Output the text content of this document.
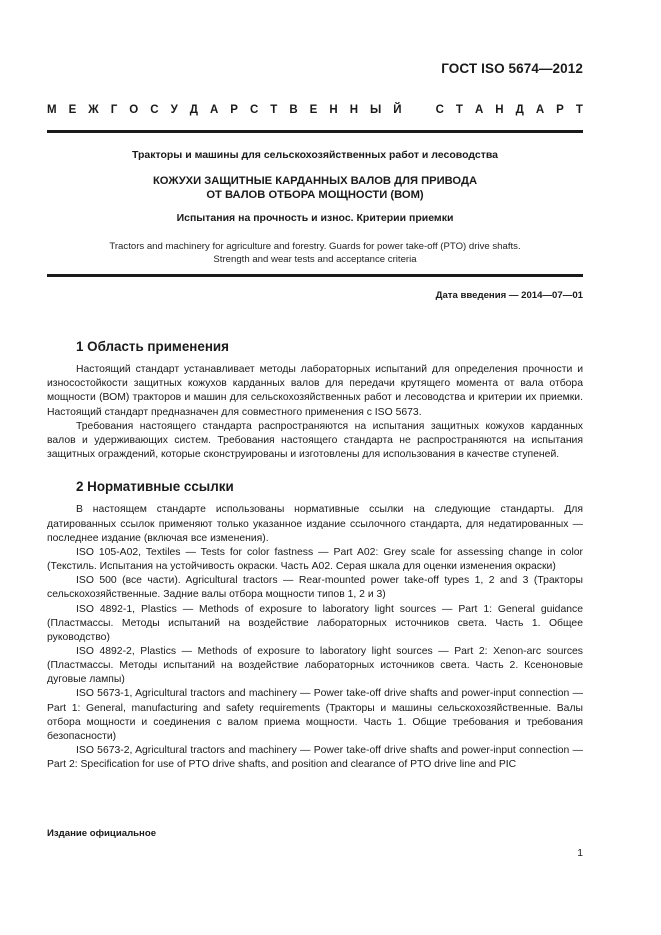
ГОСТ ISO 5674—2012
М Е Ж Г О С У Д А Р С Т В Е Н Н Ы Й	С Т А Н Д А Р Т
Тракторы и машины для сельскохозяйственных работ и лесоводства
КОЖУХИ ЗАЩИТНЫЕ КАРДАННЫХ ВАЛОВ ДЛЯ ПРИВОДА
ОТ ВАЛОВ ОТБОРА МОЩНОСТИ (ВОМ)
Испытания на прочность и износ. Критерии приемки
Tractors and machinery for agriculture and forestry. Guards for power take-off (PTO) drive shafts.
Strength and wear tests and acceptance criteria
Дата введения — 2014—07—01
1 Область применения

Настоящий стандарт устанавливает методы лабораторных испытаний для определения прочности и износостойкости защитных кожухов карданных валов для передачи крутящего момента от вала отбора мощности (ВОМ) тракторов и машин для сельскохозяйственных работ и лесоводства и критерии их приемки. Настоящий стандарт предназначен для совместного применения с ISO 5673.

Требования настоящего стандарта распространяются на испытания защитных кожухов карданных валов и удерживающих систем. Требования настоящего стандарта не распространяются на испытания защитных ограждений, которые сконструированы и изготовлены для использования в качестве ступеней.

2 Нормативные ссылки

В настоящем стандарте использованы нормативные ссылки на следующие стандарты. Для датированных ссылок применяют только указанное издание ссылочного стандарта, для недатированных — последнее издание (включая все изменения).

ISO 105-A02, Textiles — Tests for color fastness — Part A02: Grey scale for assessing change in color (Текстиль. Испытания на устойчивость окраски. Часть A02. Серая шкала для оценки изменения окраски)

ISO 500 (все части). Agricultural tractors — Rear-mounted power take-off types 1, 2 and 3 (Тракторы сельскохозяйственные. Задние валы отбора мощности типов 1, 2 и 3)

ISO 4892-1, Plastics — Methods of exposure to laboratory light sources — Part 1: General guidance (Пластмассы. Методы испытаний на воздействие лабораторных источников света. Часть 1. Общее руководство)

ISO 4892-2, Plastics — Methods of exposure to laboratory light sources — Part 2: Xenon-arc sources (Пластмассы. Методы испытаний на воздействие лабораторных источников света. Часть 2. Ксеноновые дуговые лампы)

ISO 5673-1, Agricultural tractors and machinery — Power take-off drive shafts and power-input connection — Part 1: General, manufacturing and safety requirements (Тракторы и машины сельскохозяйственные. Валы отбора мощности и соединения с валом приема мощности. Часть 1. Общие требования и требования безопасности)

ISO 5673-2, Agricultural tractors and machinery — Power take-off drive shafts and power-input connection — Part 2: Specification for use of PTO drive shafts, and position and clearance of PTO drive line and PIC

Издание официальное
1
